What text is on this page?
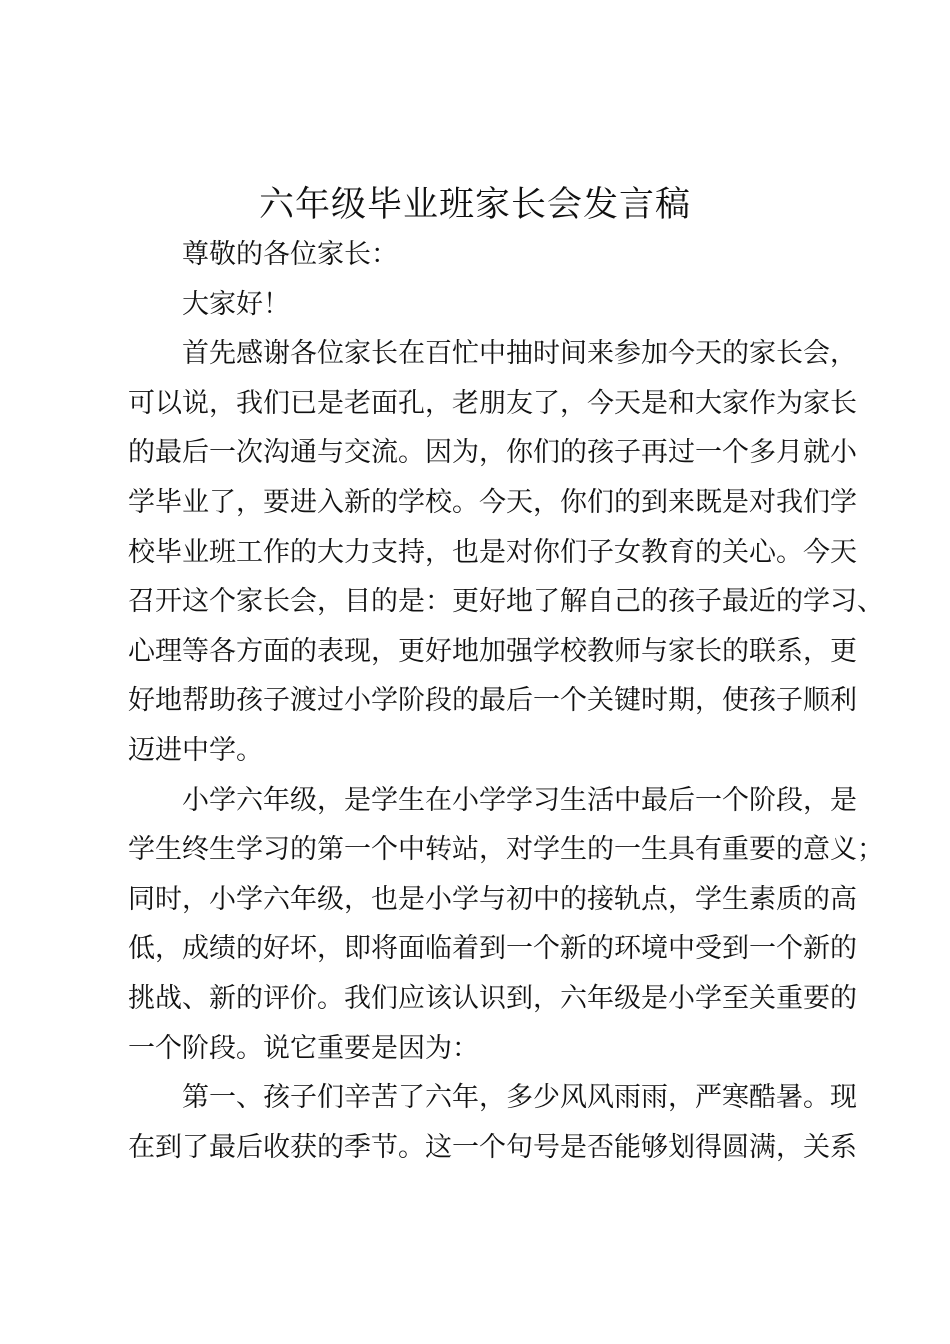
六年级毕业班家长会发言稿

尊敬的各位家长：

大家好！

首先感谢各位家长在百忙中抽时间来参加今天的家长会，
可以说，我们已是老面孔，老朋友了，今天是和大家作为家长
的最后一次沟通与交流。因为，你们的孩子再过一个多月就小
学毕业了，要进入新的学校。今天，你们的到来既是对我们学
校毕业班工作的大力支持，也是对你们子女教育的关心。今天
召开这个家长会，目的是：更好地了解自己的孩子最近的学习、
心理等各方面的表现，更好地加强学校教师与家长的联系，更
好地帮助孩子渡过小学阶段的最后一个关键时期，使孩子顺利
迈进中学。

小学六年级，是学生在小学学习生活中最后一个阶段，是
学生终生学习的第一个中转站，对学生的一生具有重要的意义；
同时，小学六年级，也是小学与初中的接轨点，学生素质的高
低，成绩的好坏，即将面临着到一个新的环境中受到一个新的
挑战、新的评价。我们应该认识到，六年级是小学至关重要的
一个阶段。说它重要是因为：

第一、孩子们辛苦了六年，多少风风雨雨，严寒酷暑。现
在到了最后收获的季节。这一个句号是否能够划得圆满，关系
